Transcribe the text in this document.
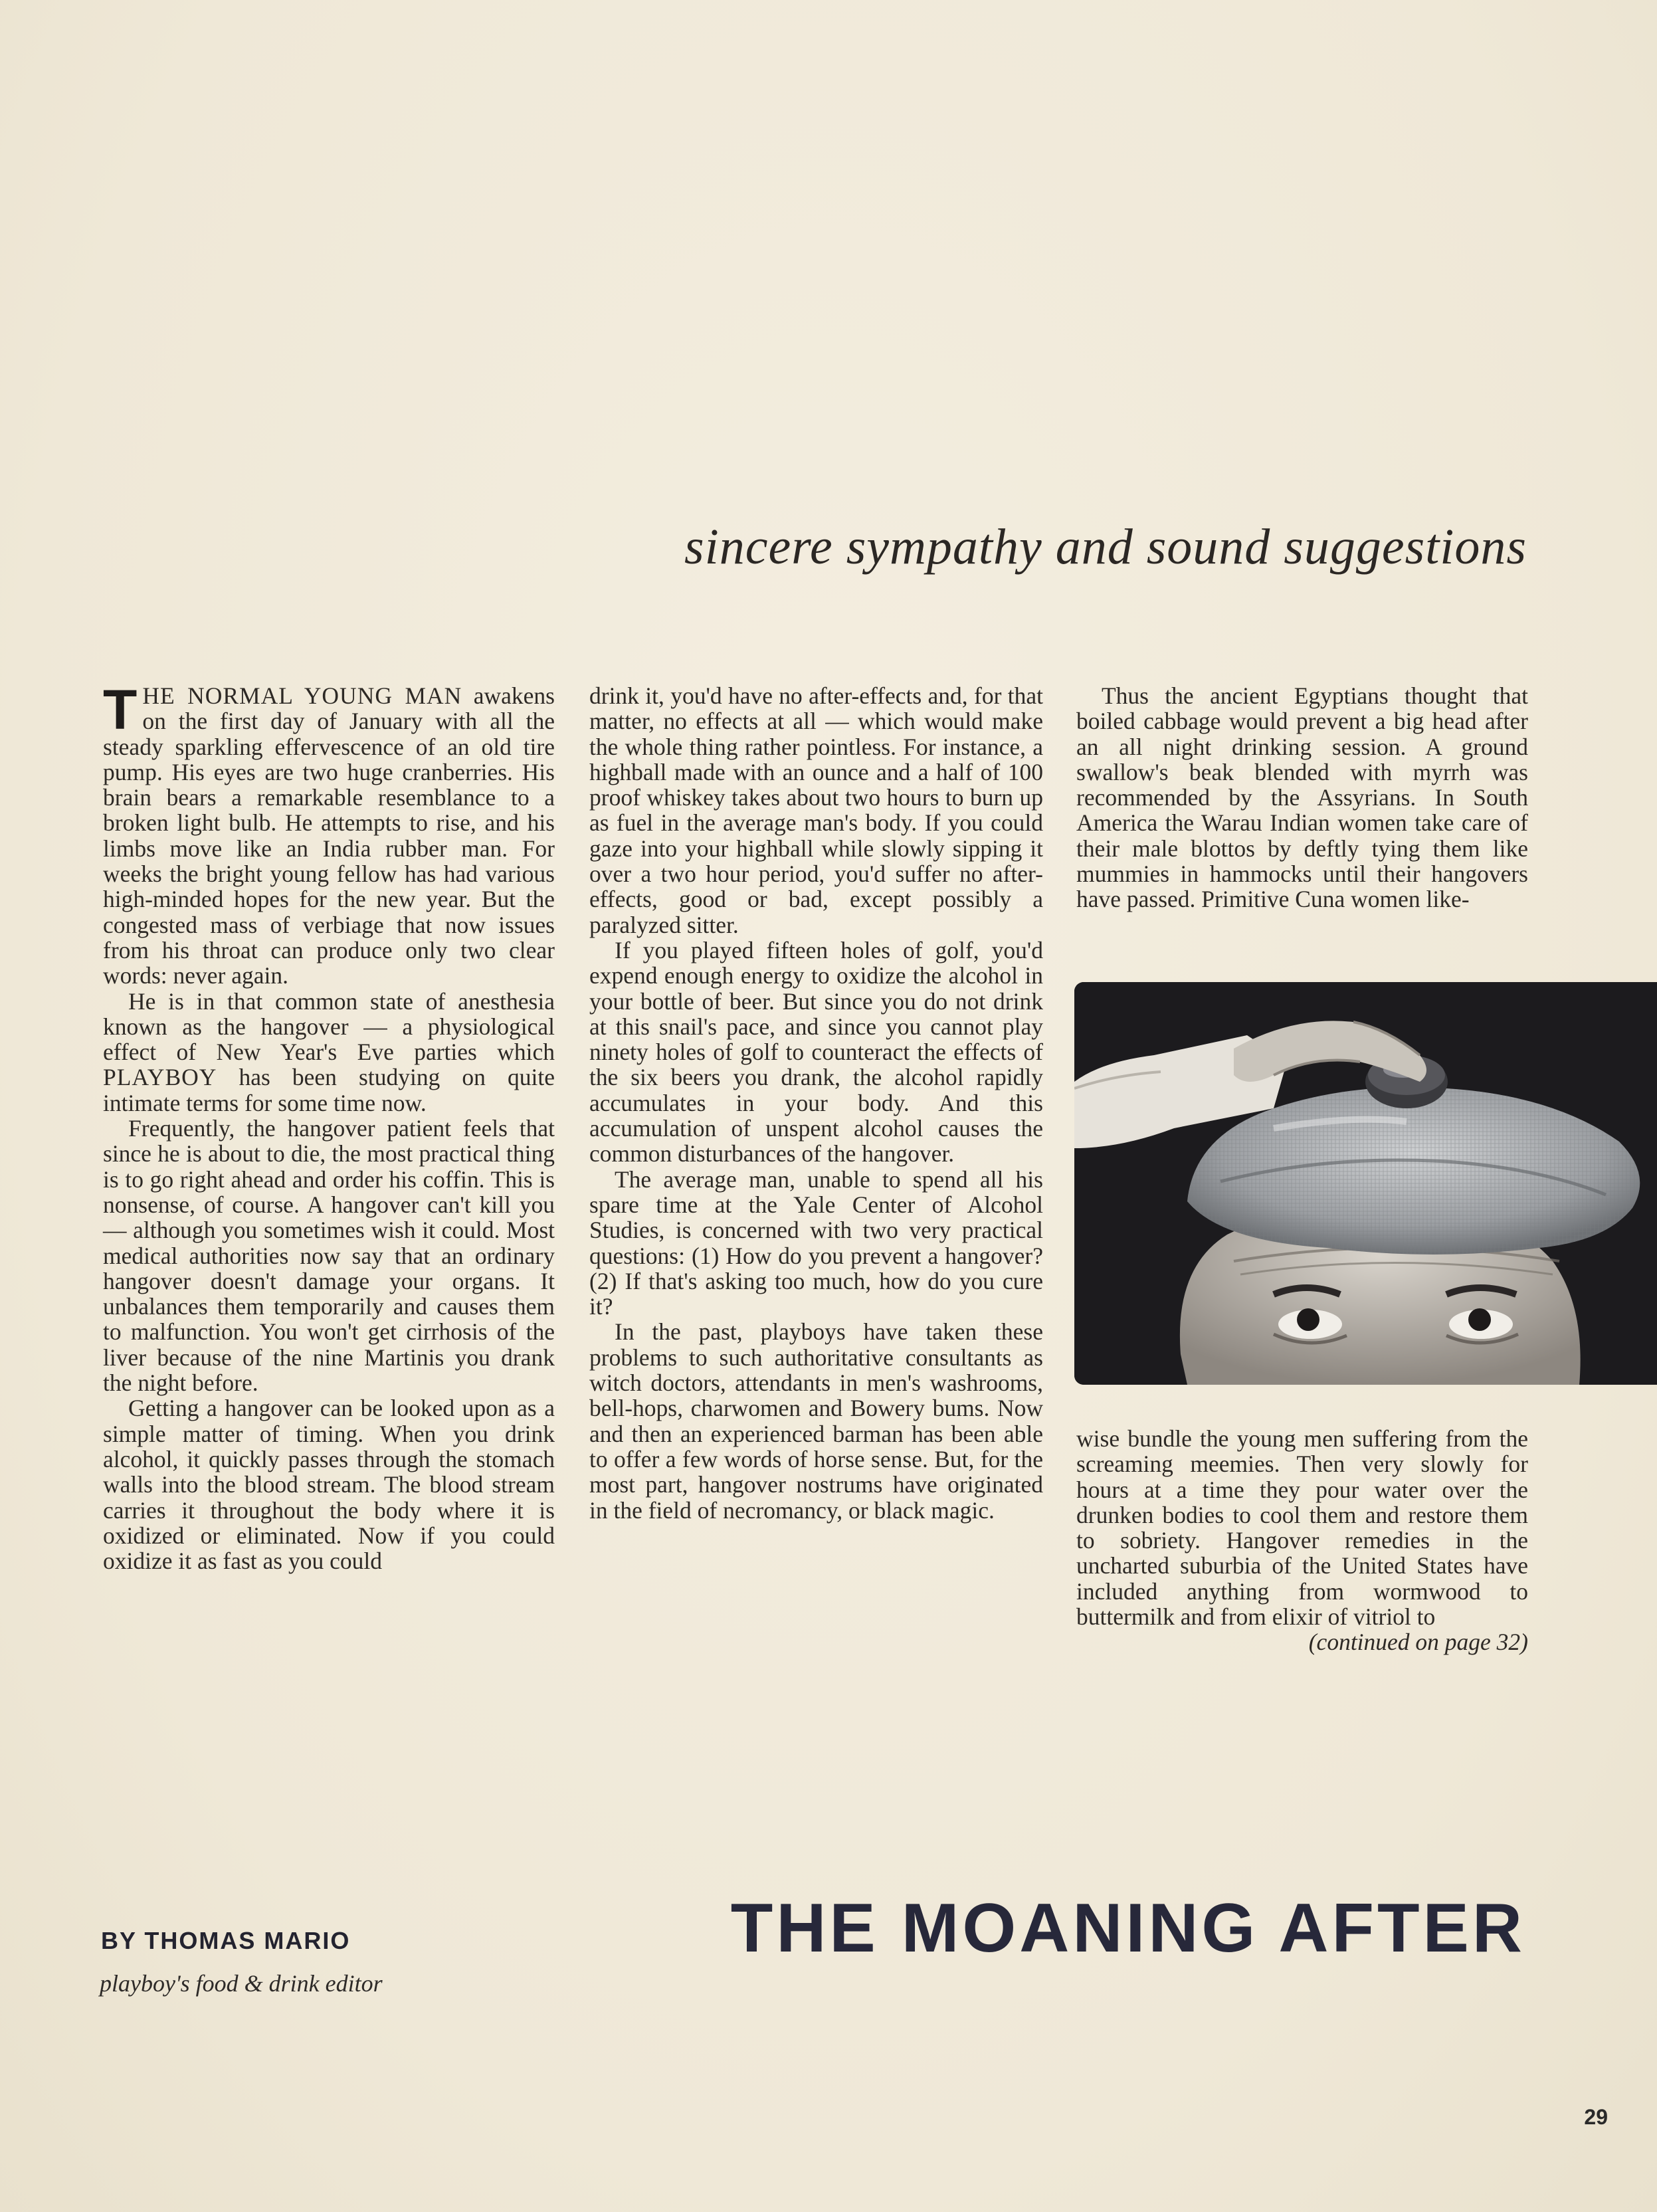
sincere sympathy and sound suggestions

THE NORMAL YOUNG MAN awakens on the first day of January with all the steady sparkling effervescence of an old tire pump. His eyes are two huge cranberries. His brain bears a remarkable resemblance to a broken light bulb. He attempts to rise, and his limbs move like an India rubber man. For weeks the bright young fellow has had various high-minded hopes for the new year. But the congested mass of verbiage that now issues from his throat can produce only two clear words: never again.

He is in that common state of anesthesia known as the hangover — a physiological effect of New Year's Eve parties which PLAYBOY has been studying on quite intimate terms for some time now.

Frequently, the hangover patient feels that since he is about to die, the most practical thing is to go right ahead and order his coffin. This is nonsense, of course. A hangover can't kill you — although you sometimes wish it could. Most medical authorities now say that an ordinary hangover doesn't damage your organs. It unbalances them temporarily and causes them to malfunction. You won't get cirrhosis of the liver because of the nine Martinis you drank the night before.

Getting a hangover can be looked upon as a simple matter of timing. When you drink alcohol, it quickly passes through the stomach walls into the blood stream. The blood stream carries it throughout the body where it is oxidized or eliminated. Now if you could oxidize it as fast as you could

drink it, you'd have no after-effects and, for that matter, no effects at all — which would make the whole thing rather pointless. For instance, a highball made with an ounce and a half of 100 proof whiskey takes about two hours to burn up as fuel in the average man's body. If you could gaze into your highball while slowly sipping it over a two hour period, you'd suffer no after-effects, good or bad, except possibly a paralyzed sitter.

If you played fifteen holes of golf, you'd expend enough energy to oxidize the alcohol in your bottle of beer. But since you do not drink at this snail's pace, and since you cannot play ninety holes of golf to counteract the effects of the six beers you drank, the alcohol rapidly accumulates in your body. And this accumulation of unspent alcohol causes the common disturbances of the hangover.

The average man, unable to spend all his spare time at the Yale Center of Alcohol Studies, is concerned with two very practical questions: (1) How do you prevent a hangover? (2) If that's asking too much, how do you cure it?

In the past, playboys have taken these problems to such authoritative consultants as witch doctors, attendants in men's washrooms, bell-hops, charwomen and Bowery bums. Now and then an experienced barman has been able to offer a few words of horse sense. But, for the most part, hangover nostrums have originated in the field of necromancy, or black magic.

Thus the ancient Egyptians thought that boiled cabbage would prevent a big head after an all night drinking session. A ground swallow's beak blended with myrrh was recommended by the Assyrians. In South America the Warau Indian women take care of their male blottos by deftly tying them like mummies in hammocks until their hangovers have passed. Primitive Cuna women like-

wise bundle the young men suffering from the screaming meemies. Then very slowly for hours at a time they pour water over the drunken bodies to cool them and restore them to sobriety. Hangover remedies in the uncharted suburbia of the United States have included anything from wormwood to buttermilk and from elixir of vitriol to

(continued on page 32)

BY THOMAS MARIO

playboy's food & drink editor

THE MOANING AFTER
29
